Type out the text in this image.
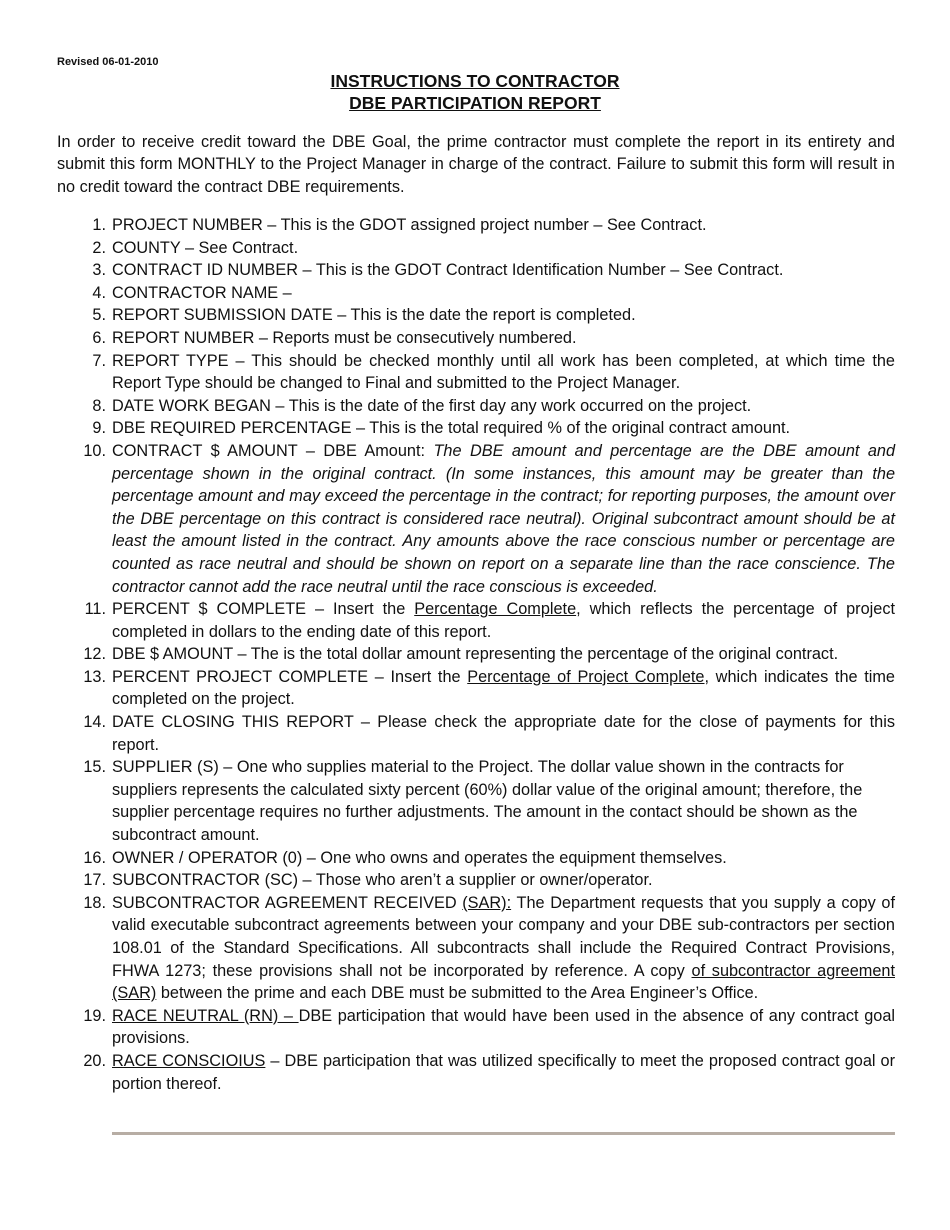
Revised 06-01-2010
INSTRUCTIONS TO CONTRACTOR
DBE PARTICIPATION REPORT

In order to receive credit toward the DBE Goal, the prime contractor must complete the report in its entirety and submit this form MONTHLY to the Project Manager in charge of the contract. Failure to submit this form will result in no credit toward the contract DBE requirements.

1. PROJECT NUMBER – This is the GDOT assigned project number – See Contract.
2. COUNTY – See Contract.
3. CONTRACT ID NUMBER – This is the GDOT Contract Identification Number – See Contract.
4. CONTRACTOR NAME –
5. REPORT SUBMISSION DATE – This is the date the report is completed.
6. REPORT NUMBER – Reports must be consecutively numbered.
7. REPORT TYPE – This should be checked monthly until all work has been completed, at which time the Report Type should be changed to Final and submitted to the Project Manager.
8. DATE WORK BEGAN – This is the date of the first day any work occurred on the project.
9. DBE REQUIRED PERCENTAGE – This is the total required % of the original contract amount.
10. CONTRACT $ AMOUNT – DBE Amount: The DBE amount and percentage are the DBE amount and percentage shown in the original contract. (In some instances, this amount may be greater than the percentage amount and may exceed the percentage in the contract; for reporting purposes, the amount over the DBE percentage on this contract is considered race neutral). Original subcontract amount should be at least the amount listed in the contract. Any amounts above the race conscious number or percentage are counted as race neutral and should be shown on report on a separate line than the race conscience. The contractor cannot add the race neutral until the race conscious is exceeded.
11. PERCENT $ COMPLETE – Insert the Percentage Complete, which reflects the percentage of project completed in dollars to the ending date of this report.
12. DBE $ AMOUNT – The is the total dollar amount representing the percentage of the original contract.
13. PERCENT PROJECT COMPLETE – Insert the Percentage of Project Complete, which indicates the time completed on the project.
14. DATE CLOSING THIS REPORT – Please check the appropriate date for the close of payments for this report.
15. SUPPLIER (S) – One who supplies material to the Project. The dollar value shown in the contracts for suppliers represents the calculated sixty percent (60%) dollar value of the original amount; therefore, the supplier percentage requires no further adjustments. The amount in the contact should be shown as the subcontract amount.
16. OWNER / OPERATOR (0) – One who owns and operates the equipment themselves.
17. SUBCONTRACTOR (SC) – Those who aren’t a supplier or owner/operator.
18. SUBCONTRACTOR AGREEMENT RECEIVED (SAR): The Department requests that you supply a copy of valid executable subcontract agreements between your company and your DBE sub-contractors per section 108.01 of the Standard Specifications. All subcontracts shall include the Required Contract Provisions, FHWA 1273; these provisions shall not be incorporated by reference. A copy of subcontractor agreement (SAR) between the prime and each DBE must be submitted to the Area Engineer’s Office.
19. RACE NEUTRAL (RN) – DBE participation that would have been used in the absence of any contract goal provisions.
20. RACE CONSCIOIUS – DBE participation that was utilized specifically to meet the proposed contract goal or portion thereof.
